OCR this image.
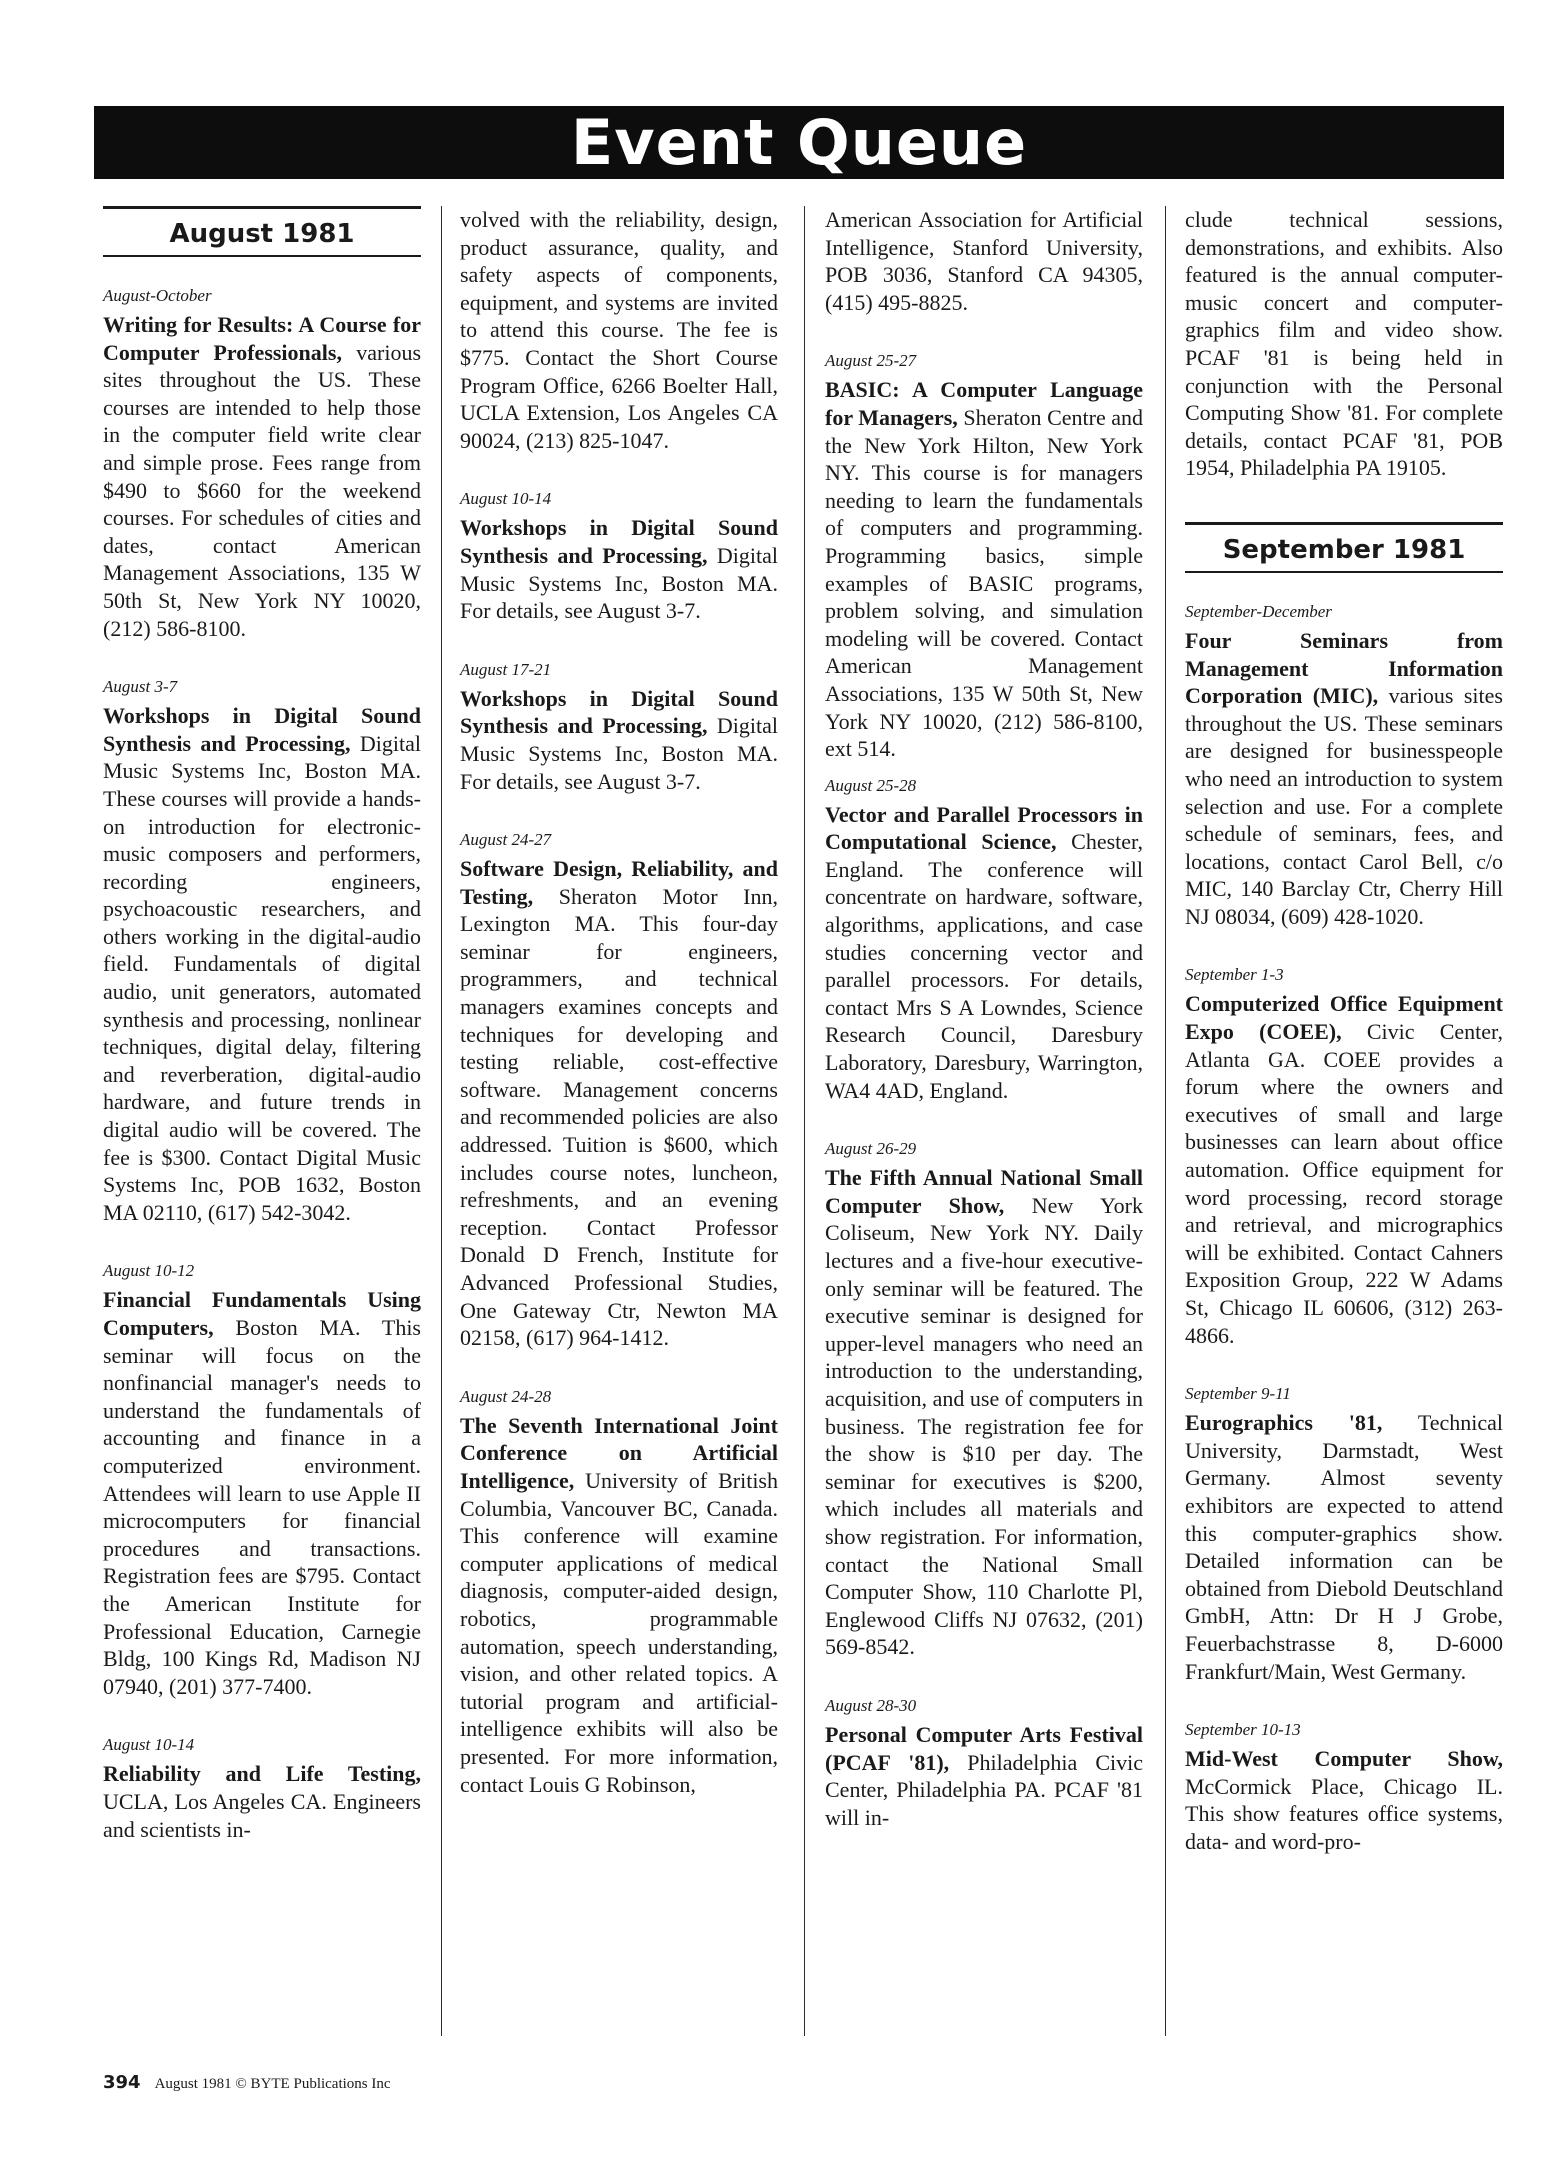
Event Queue
August 1981
August-October
Writing for Results: A Course for Computer Professionals, various sites throughout the US. These courses are intended to help those in the computer field write clear and simple prose. Fees range from $490 to $660 for the weekend courses. For schedules of cities and dates, contact American Management Associations, 135 W 50th St, New York NY 10020, (212) 586-8100.
August 3-7
Workshops in Digital Sound Synthesis and Processing, Digital Music Systems Inc, Boston MA. These courses will provide a hands-on introduction for electronic-music composers and performers, recording engineers, psychoacoustic researchers, and others working in the digital-audio field. Fundamentals of digital audio, unit generators, automated synthesis and processing, nonlinear techniques, digital delay, filtering and reverberation, digital-audio hardware, and future trends in digital audio will be covered. The fee is $300. Contact Digital Music Systems Inc, POB 1632, Boston MA 02110, (617) 542-3042.
August 10-12
Financial Fundamentals Using Computers, Boston MA. This seminar will focus on the nonfinancial manager's needs to understand the fundamentals of accounting and finance in a computerized environment. Attendees will learn to use Apple II microcomputers for financial procedures and transactions. Registration fees are $795. Contact the American Institute for Professional Education, Carnegie Bldg, 100 Kings Rd, Madison NJ 07940, (201) 377-7400.
August 10-14
Reliability and Life Testing, UCLA, Los Angeles CA. Engineers and scientists in-
volved with the reliability, design, product assurance, quality, and safety aspects of components, equipment, and systems are invited to attend this course. The fee is $775. Contact the Short Course Program Office, 6266 Boelter Hall, UCLA Extension, Los Angeles CA 90024, (213) 825-1047.
August 10-14
Workshops in Digital Sound Synthesis and Processing, Digital Music Systems Inc, Boston MA. For details, see August 3-7.
August 17-21
Workshops in Digital Sound Synthesis and Processing, Digital Music Systems Inc, Boston MA. For details, see August 3-7.
August 24-27
Software Design, Reliability, and Testing, Sheraton Motor Inn, Lexington MA. This four-day seminar for engineers, programmers, and technical managers examines concepts and techniques for developing and testing reliable, cost-effective software. Management concerns and recommended policies are also addressed. Tuition is $600, which includes course notes, luncheon, refreshments, and an evening reception. Contact Professor Donald D French, Institute for Advanced Professional Studies, One Gateway Ctr, Newton MA 02158, (617) 964-1412.
August 24-28
The Seventh International Joint Conference on Artificial Intelligence, University of British Columbia, Vancouver BC, Canada. This conference will examine computer applications of medical diagnosis, computer-aided design, robotics, programmable automation, speech understanding, vision, and other related topics. A tutorial program and artificial-intelligence exhibits will also be presented. For more information, contact Louis G Robinson,
American Association for Artificial Intelligence, Stanford University, POB 3036, Stanford CA 94305, (415) 495-8825.
August 25-27
BASIC: A Computer Language for Managers, Sheraton Centre and the New York Hilton, New York NY. This course is for managers needing to learn the fundamentals of computers and programming. Programming basics, simple examples of BASIC programs, problem solving, and simulation modeling will be covered. Contact American Management Associations, 135 W 50th St, New York NY 10020, (212) 586-8100, ext 514.
August 25-28
Vector and Parallel Processors in Computational Science, Chester, England. The conference will concentrate on hardware, software, algorithms, applications, and case studies concerning vector and parallel processors. For details, contact Mrs S A Lowndes, Science Research Council, Daresbury Laboratory, Daresbury, Warrington, WA4 4AD, England.
August 26-29
The Fifth Annual National Small Computer Show, New York Coliseum, New York NY. Daily lectures and a five-hour executive-only seminar will be featured. The executive seminar is designed for upper-level managers who need an introduction to the understanding, acquisition, and use of computers in business. The registration fee for the show is $10 per day. The seminar for executives is $200, which includes all materials and show registration. For information, contact the National Small Computer Show, 110 Charlotte Pl, Englewood Cliffs NJ 07632, (201) 569-8542.
August 28-30
Personal Computer Arts Festival (PCAF '81), Philadelphia Civic Center, Philadelphia PA. PCAF '81 will in-
clude technical sessions, demonstrations, and exhibits. Also featured is the annual computer-music concert and computer-graphics film and video show. PCAF '81 is being held in conjunction with the Personal Computing Show '81. For complete details, contact PCAF '81, POB 1954, Philadelphia PA 19105.
September 1981
September-December
Four Seminars from Management Information Corporation (MIC), various sites throughout the US. These seminars are designed for businesspeople who need an introduction to system selection and use. For a complete schedule of seminars, fees, and locations, contact Carol Bell, c/o MIC, 140 Barclay Ctr, Cherry Hill NJ 08034, (609) 428-1020.
September 1-3
Computerized Office Equipment Expo (COEE), Civic Center, Atlanta GA. COEE provides a forum where the owners and executives of small and large businesses can learn about office automation. Office equipment for word processing, record storage and retrieval, and micrographics will be exhibited. Contact Cahners Exposition Group, 222 W Adams St, Chicago IL 60606, (312) 263-4866.
September 9-11
Eurographics '81, Technical University, Darmstadt, West Germany. Almost seventy exhibitors are expected to attend this computer-graphics show. Detailed information can be obtained from Diebold Deutschland GmbH, Attn: Dr H J Grobe, Feuerbachstrasse 8, D-6000 Frankfurt/Main, West Germany.
September 10-13
Mid-West Computer Show, McCormick Place, Chicago IL. This show features office systems, data- and word-pro-
394 August 1981 © BYTE Publications Inc
